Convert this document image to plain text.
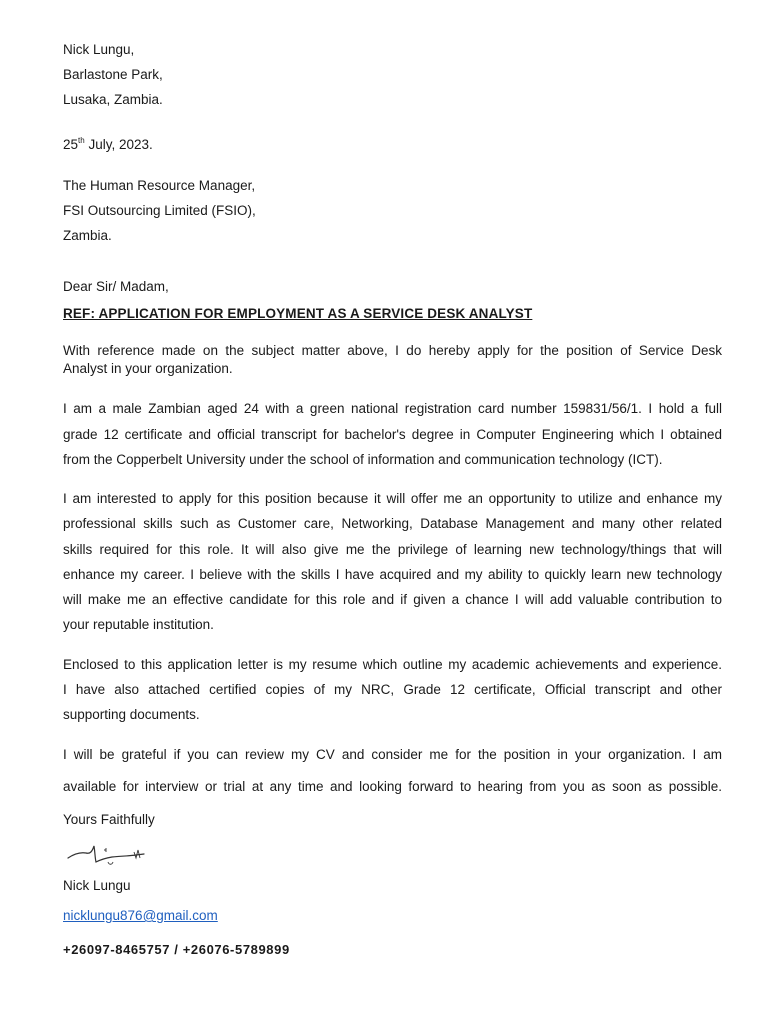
Nick Lungu,
Barlastone Park,
Lusaka, Zambia.
25th July, 2023.
The Human Resource Manager,
FSI Outsourcing Limited (FSIO),
Zambia.
Dear Sir/ Madam,
REF: APPLICATION FOR EMPLOYMENT AS A SERVICE DESK ANALYST
With reference made on the subject matter above, I do hereby apply for the position of Service Desk
Analyst in your organization.
I am a male Zambian aged 24 with a green national registration card number 159831/56/1. I hold a full
grade 12 certificate and official transcript for bachelor's degree in Computer Engineering which I obtained
from the Copperbelt University under the school of information and communication technology (ICT).
I am interested to apply for this position because it will offer me an opportunity to utilize and enhance my
professional skills such as Customer care, Networking, Database Management and many other related
skills required for this role. It will also give me the privilege of learning new technology/things that will
enhance my career. I believe with the skills I have acquired and my ability to quickly learn new technology
will make me an effective candidate for this role and if given a chance I will add valuable contribution to
your reputable institution.
Enclosed to this application letter is my resume which outline my academic achievements and experience.
I have also attached certified copies of my NRC, Grade 12 certificate, Official transcript and other
supporting documents.
I will be grateful if you can review my CV and consider me for the position in your organization. I am
available for interview or trial at any time and looking forward to hearing from you as soon as possible.
Yours Faithfully
Nick Lungu
nicklungu876@gmail.com
+26097-8465757 / +26076-5789899
